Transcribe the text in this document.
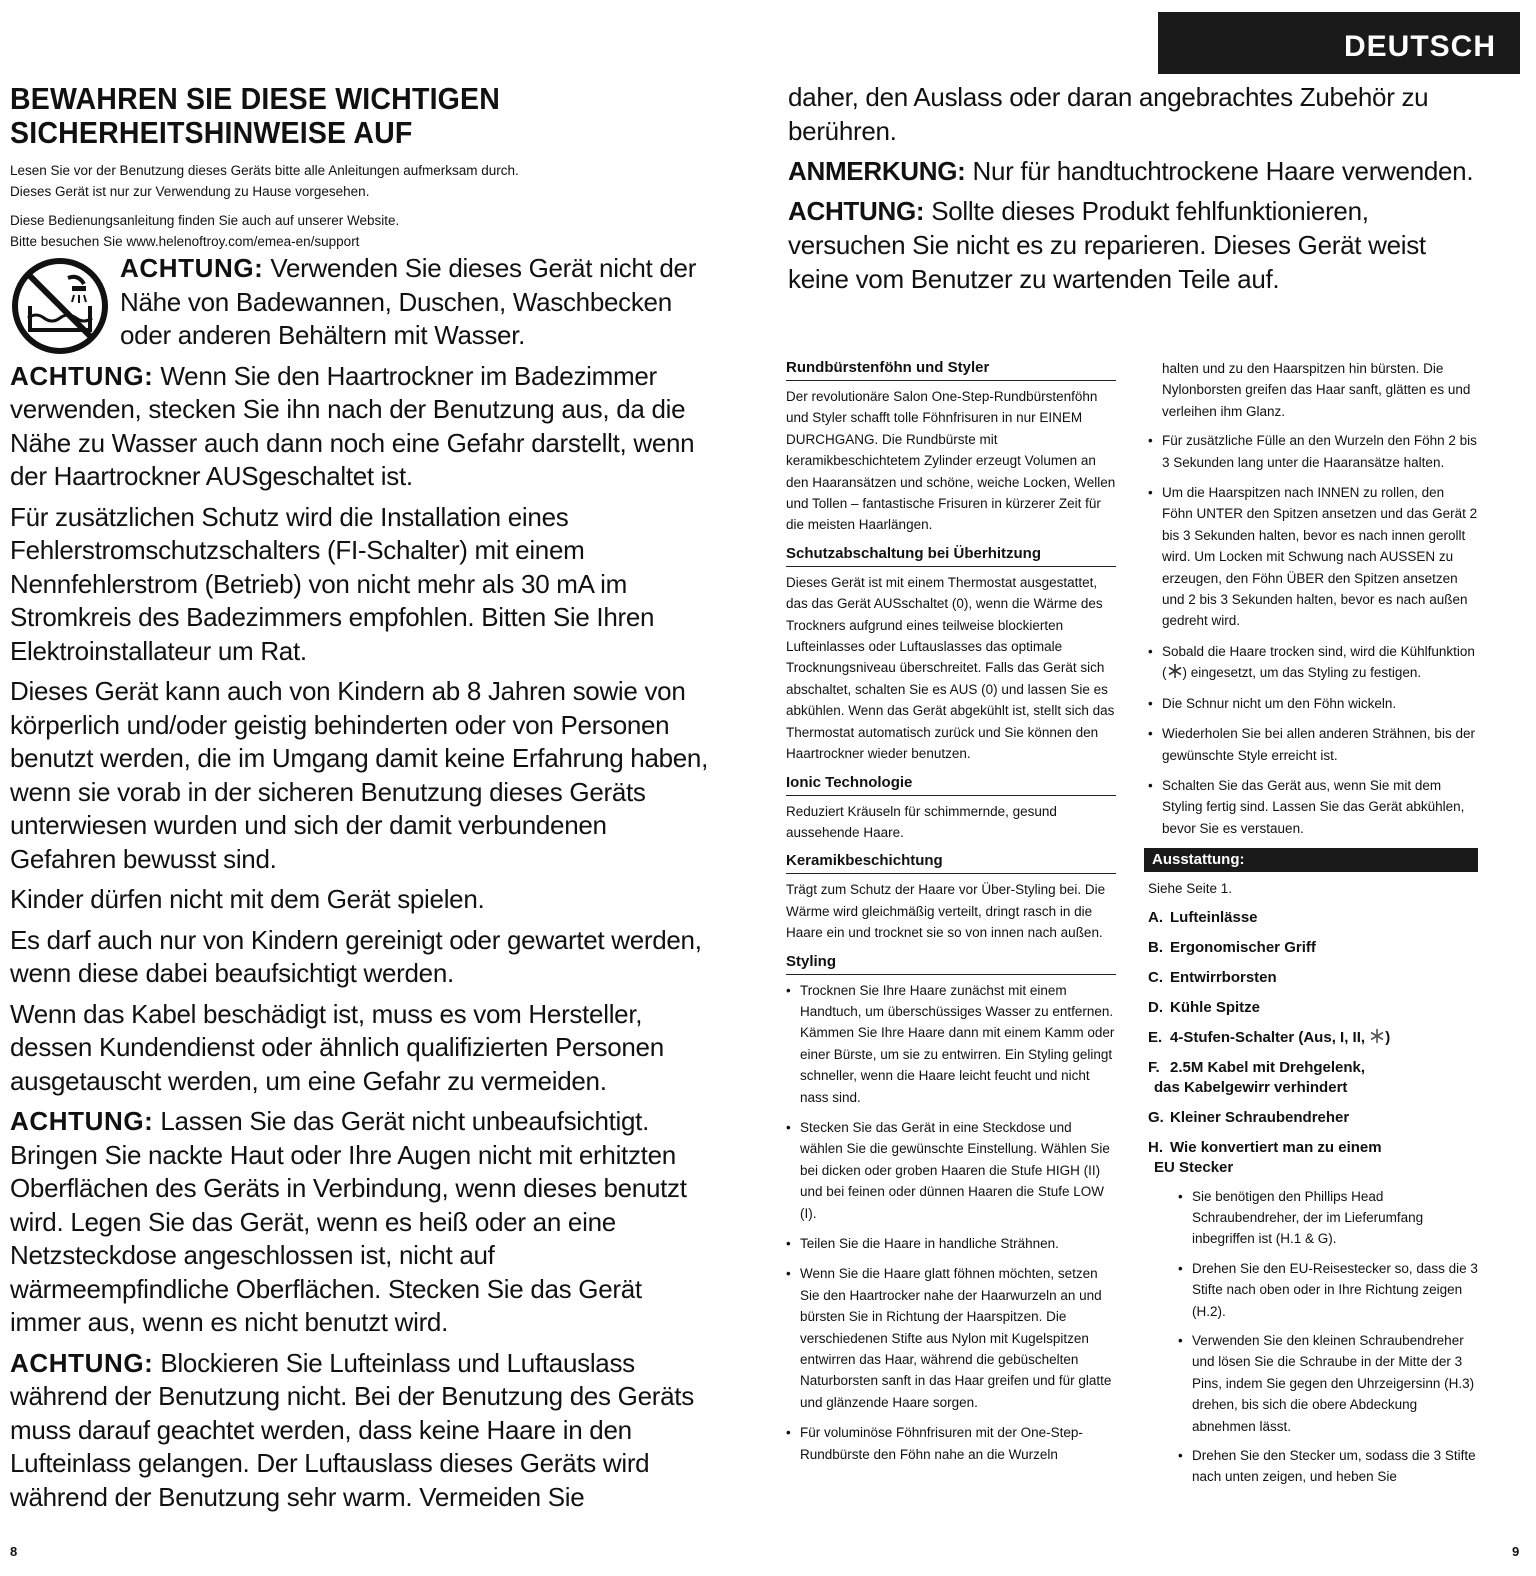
DEUTSCH
BEWAHREN SIE DIESE WICHTIGEN
SICHERHEITSHINWEISE AUF

Lesen Sie vor der Benutzung dieses Geräts bitte alle Anleitungen aufmerksam durch.

Dieses Gerät ist nur zur Verwendung zu Hause vorgesehen.

Diese Bedienungsanleitung finden Sie auch auf unserer Website.

Bitte besuchen Sie www.helenoftroy.com/emea-en/support

ACHTUNG: Verwenden Sie dieses Gerät nicht der Nähe von Badewannen, Duschen, Waschbecken oder anderen Behältern mit Wasser.

ACHTUNG: Wenn Sie den Haartrockner im Badezimmer verwenden, stecken Sie ihn nach der Benutzung aus, da die Nähe zu Wasser auch dann noch eine Gefahr darstellt, wenn der Haartrockner AUSgeschaltet ist.

Für zusätzlichen Schutz wird die Installation eines Fehlerstromschutzschalters (FI-Schalter) mit einem Nennfehlerstrom (Betrieb) von nicht mehr als 30 mA im Stromkreis des Badezimmers empfohlen. Bitten Sie Ihren Elektroinstallateur um Rat.

Dieses Gerät kann auch von Kindern ab 8 Jahren sowie von körperlich und/oder geistig behinderten oder von Personen benutzt werden, die im Umgang damit keine Erfahrung haben, wenn sie vorab in der sicheren Benutzung dieses Geräts unterwiesen wurden und sich der damit verbundenen Gefahren bewusst sind.

Kinder dürfen nicht mit dem Gerät spielen.

Es darf auch nur von Kindern gereinigt oder gewartet werden, wenn diese dabei beaufsichtigt werden.

Wenn das Kabel beschädigt ist, muss es vom Hersteller, dessen Kundendienst oder ähnlich qualifizierten Personen ausgetauscht werden, um eine Gefahr zu vermeiden.

ACHTUNG: Lassen Sie das Gerät nicht unbeaufsichtigt. Bringen Sie nackte Haut oder Ihre Augen nicht mit erhitzten Oberflächen des Geräts in Verbindung, wenn dieses benutzt wird. Legen Sie das Gerät, wenn es heiß oder an eine Netzsteckdose angeschlossen ist, nicht auf wärmeempfindliche Oberflächen. Stecken Sie das Gerät immer aus, wenn es nicht benutzt wird.

ACHTUNG: Blockieren Sie Lufteinlass und Luftauslass während der Benutzung nicht. Bei der Benutzung des Geräts muss darauf geachtet werden, dass keine Haare in den Lufteinlass gelangen. Der Luftauslass dieses Geräts wird während der Benutzung sehr warm. Vermeiden Sie

daher, den Auslass oder daran angebrachtes Zubehör zu berühren.

ANMERKUNG: Nur für handtuchtrockene Haare verwenden.

ACHTUNG: Sollte dieses Produkt fehlfunktionieren, versuchen Sie nicht es zu reparieren. Dieses Gerät weist keine vom Benutzer zu wartenden Teile auf.

Rundbürstenföhn und Styler

Der revolutionäre Salon One-Step-Rundbürstenföhn und Styler schafft tolle Föhnfrisuren in nur EINEM DURCHGANG. Die Rundbürste mit keramikbeschichtetem Zylinder erzeugt Volumen an den Haaransätzen und schöne, weiche Locken, Wellen und Tollen – fantastische Frisuren in kürzerer Zeit für die meisten Haarlängen.

Schutzabschaltung bei Überhitzung

Dieses Gerät ist mit einem Thermostat ausgestattet, das das Gerät AUSschaltet (0), wenn die Wärme des Trockners aufgrund eines teilweise blockierten Lufteinlasses oder Luftauslasses das optimale Trocknungsniveau überschreitet. Falls das Gerät sich abschaltet, schalten Sie es AUS (0) und lassen Sie es abkühlen. Wenn das Gerät abgekühlt ist, stellt sich das Thermostat automatisch zurück und Sie können den Haartrockner wieder benutzen.

Ionic Technologie

Reduziert Kräuseln für schimmernde, gesund aussehende Haare.

Keramikbeschichtung

Trägt zum Schutz der Haare vor Über-Styling bei. Die Wärme wird gleichmäßig verteilt, dringt rasch in die Haare ein und trocknet sie so von innen nach außen.

Styling
• Trocknen Sie Ihre Haare zunächst mit einem Handtuch, um überschüssiges Wasser zu entfernen. Kämmen Sie Ihre Haare dann mit einem Kamm oder einer Bürste, um sie zu entwirren. Ein Styling gelingt schneller, wenn die Haare leicht feucht und nicht nass sind.
• Stecken Sie das Gerät in eine Steckdose und wählen Sie die gewünschte Einstellung. Wählen Sie bei dicken oder groben Haaren die Stufe HIGH (II) und bei feinen oder dünnen Haaren die Stufe LOW (I).
• Teilen Sie die Haare in handliche Strähnen.
• Wenn Sie die Haare glatt föhnen möchten, setzen Sie den Haartrocker nahe der Haarwurzeln an und bürsten Sie in Richtung der Haarspitzen. Die verschiedenen Stifte aus Nylon mit Kugelspitzen entwirren das Haar, während die gebüschelten Naturborsten sanft in das Haar greifen und für glatte und glänzende Haare sorgen.
• Für voluminöse Föhnfrisuren mit der One-Step-Rundbürste den Föhn nahe an die Wurzeln

halten und zu den Haarspitzen hin bürsten. Die Nylonborsten greifen das Haar sanft, glätten es und verleihen ihm Glanz.

• Für zusätzliche Fülle an den Wurzeln den Föhn 2 bis 3 Sekunden lang unter die Haaransätze halten.
• Um die Haarspitzen nach INNEN zu rollen, den Föhn UNTER den Spitzen ansetzen und das Gerät 2 bis 3 Sekunden halten, bevor es nach innen gerollt wird. Um Locken mit Schwung nach AUSSEN zu erzeugen, den Föhn ÜBER den Spitzen ansetzen und 2 bis 3 Sekunden halten, bevor es nach außen gedreht wird.
• Sobald die Haare trocken sind, wird die Kühlfunktion ( ) eingesetzt, um das Styling zu festigen.
• Die Schnur nicht um den Föhn wickeln.
• Wiederholen Sie bei allen anderen Strähnen, bis der gewünschte Style erreicht ist.
• Schalten Sie das Gerät aus, wenn Sie mit dem Styling fertig sind. Lassen Sie das Gerät abkühlen, bevor Sie es verstauen.
Ausstattung:

Siehe Seite 1.

A. Lufteinlässe
B. Ergonomischer Griff
C. Entwirrborsten
D. Kühle Spitze
E. 4-Stufen-Schalter (Aus, I, II, )
F. 2.5M Kabel mit Drehgelenk,
das Kabelgewirr verhindert
G. Kleiner Schraubendreher
H. Wie konvertiert man zu einem
EU Stecker
• Sie benötigen den Phillips Head Schraubendreher, der im Lieferumfang inbegriffen ist (H.1 & G).
• Drehen Sie den EU-Reisestecker so, dass die 3 Stifte nach oben oder in Ihre Richtung zeigen (H.2).
• Verwenden Sie den kleinen Schraubendreher und lösen Sie die Schraube in der Mitte der 3 Pins, indem Sie gegen den Uhrzeigersinn (H.3) drehen, bis sich die obere Abdeckung abnehmen lässt.
• Drehen Sie den Stecker um, sodass die 3 Stifte nach unten zeigen, und heben Sie
8	9
